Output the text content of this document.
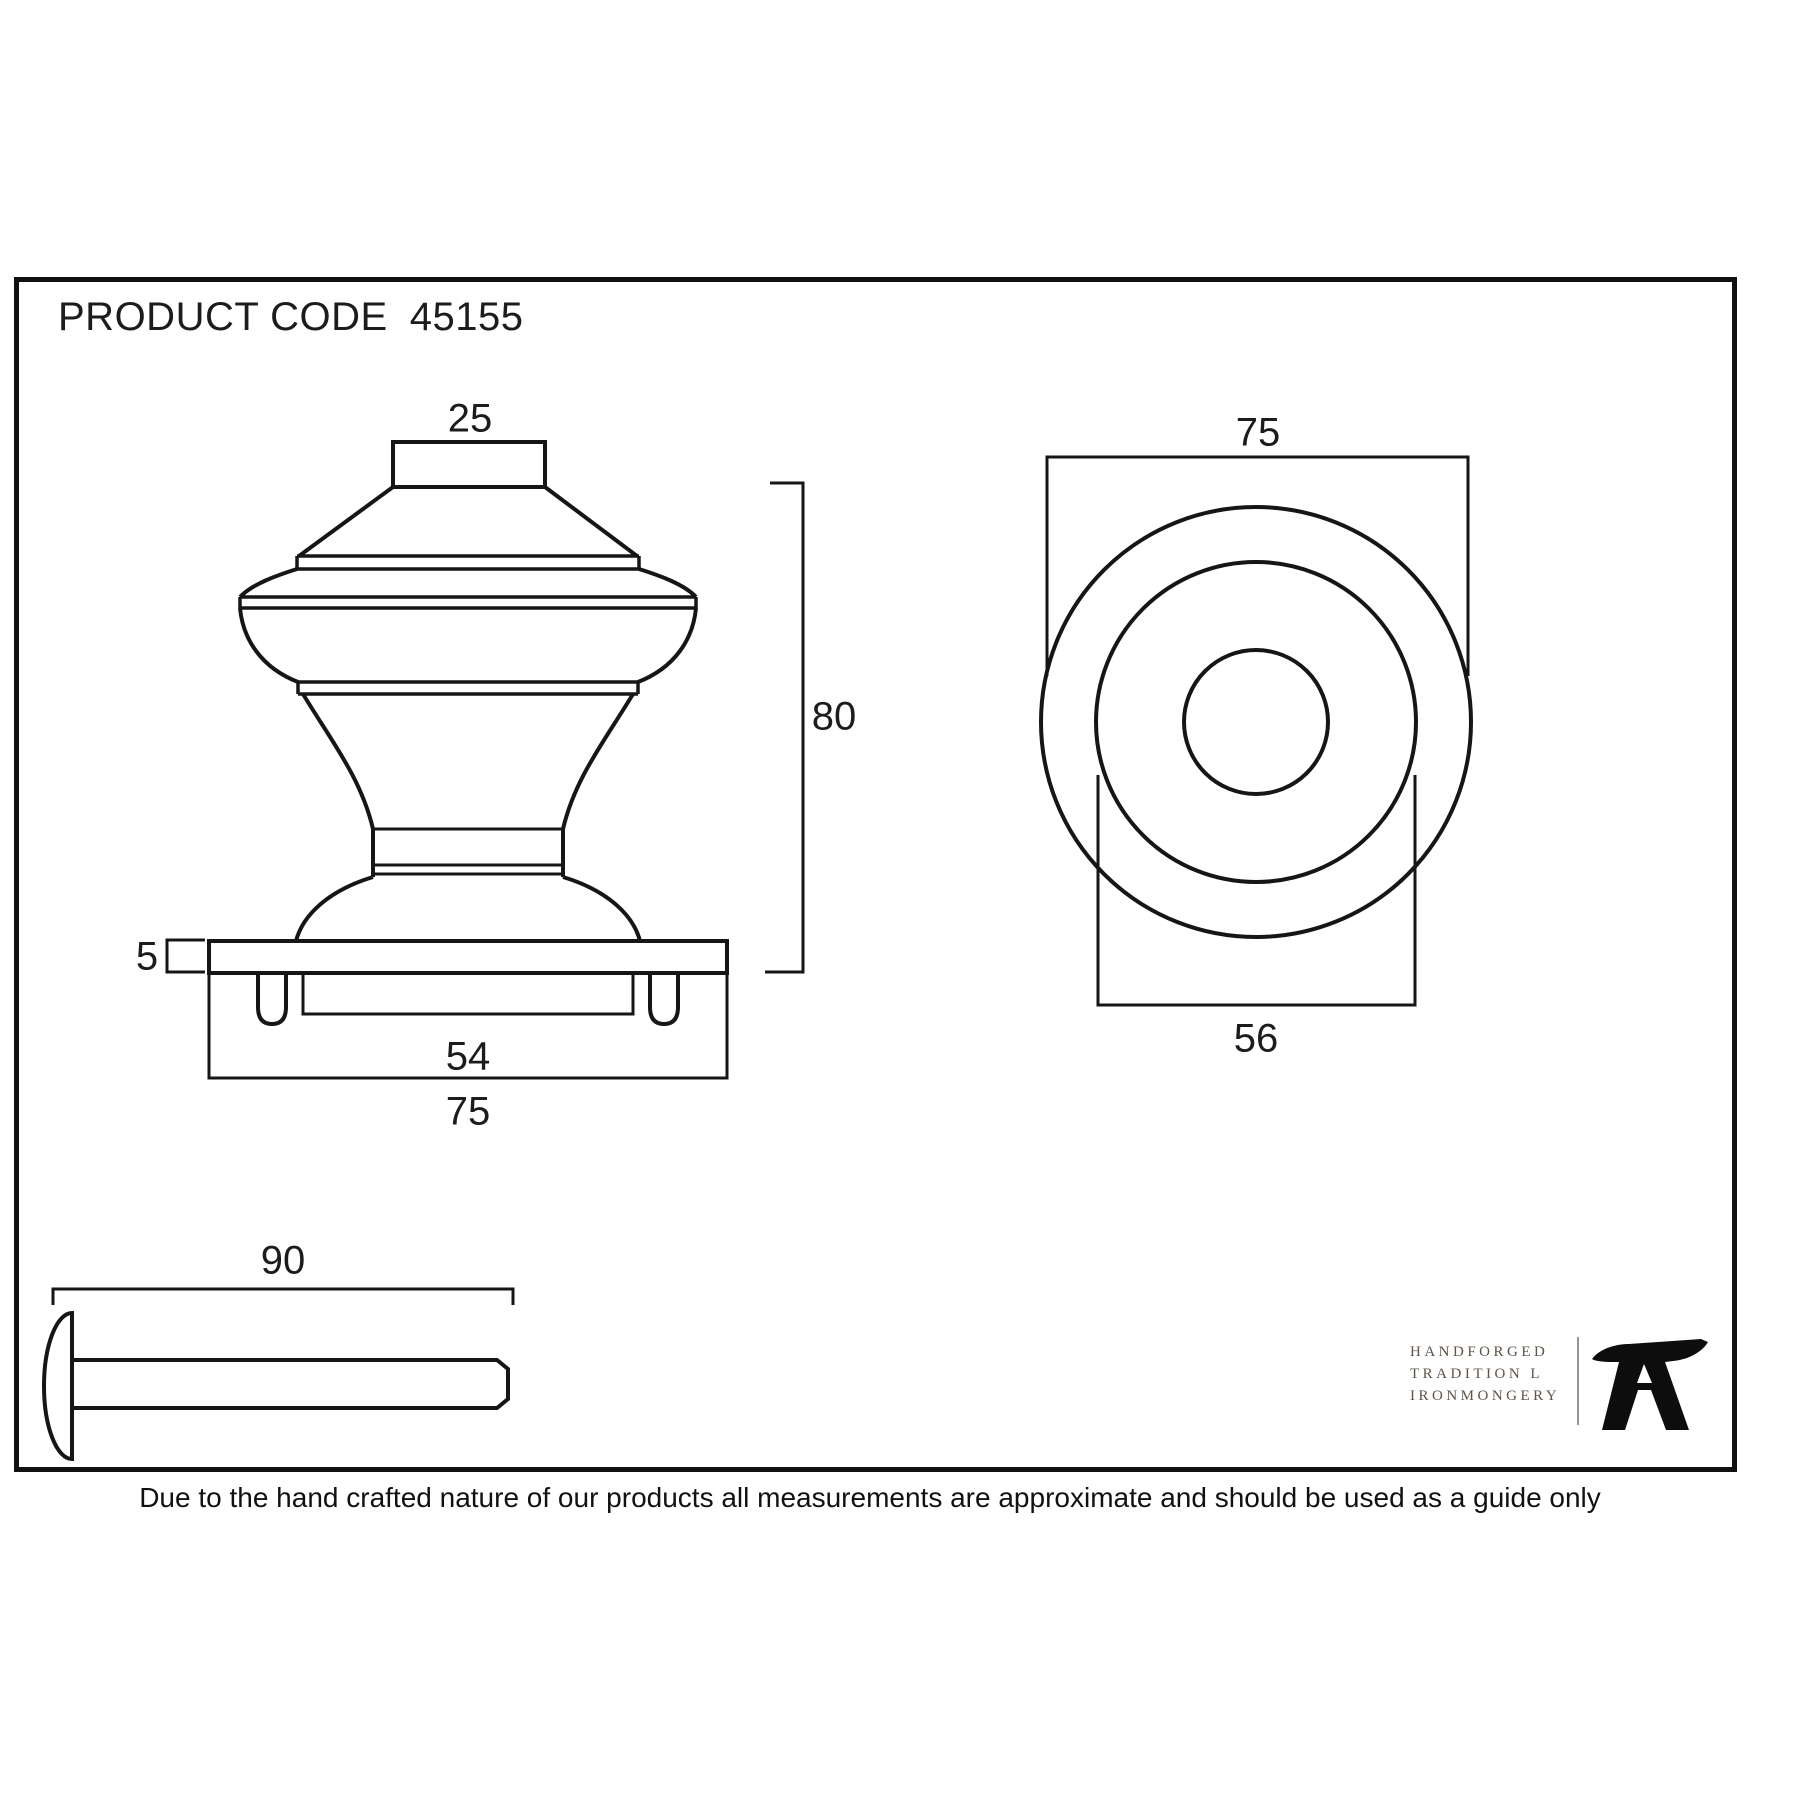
PRODUCT CODE 45155
25
80
5
54
75
75
56
90
HANDFORGED
TRADITION L
IRONMONGERY
Due to the hand crafted nature of our products all measurements are approximate and should be used as a guide only
